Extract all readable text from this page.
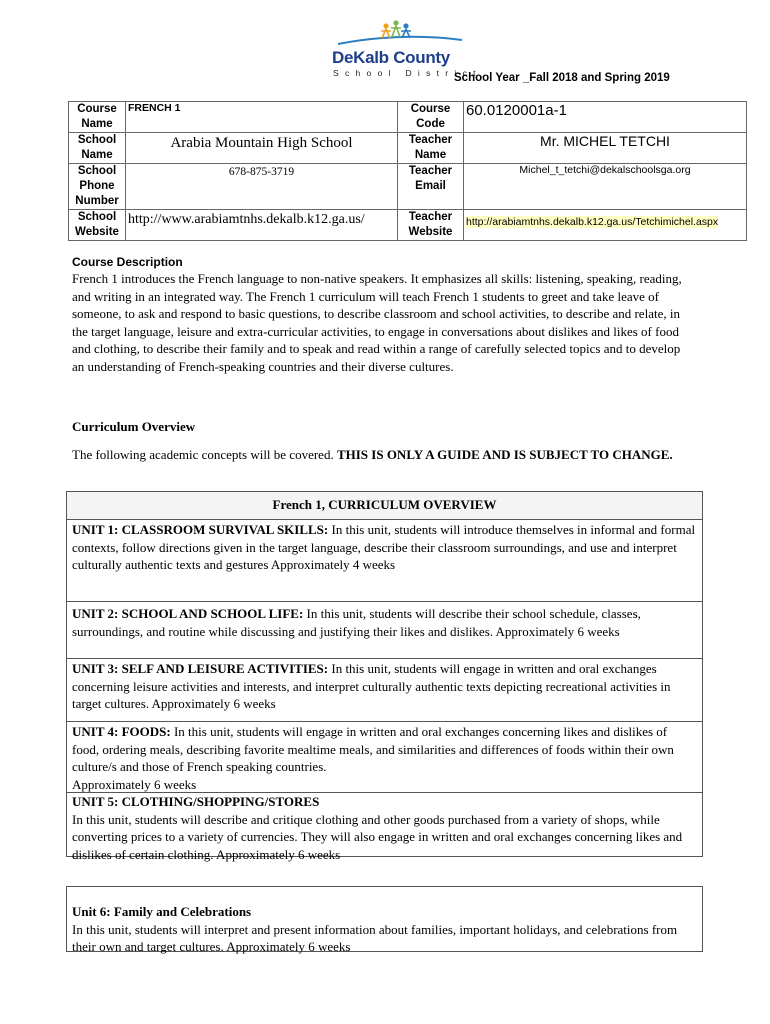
DeKalb County
School District
School Year _Fall 2018 and Spring 2019
Course Name	FRENCH 1	Course Code	60.0120001a-1
School Name	Arabia Mountain High School	Teacher Name	Mr. MICHEL TETCHI
School Phone Number	678-875-3719	Teacher Email	Michel_t_tetchi@dekalschoolsga.org
School Website	http://www.arabiamtnhs.dekalb.k12.ga.us/	Teacher Website	http://arabiamtnhs.dekalb.k12.ga.us/Tetchimichel.aspx
Course Description
French 1 introduces the French language to non-native speakers. It emphasizes all skills: listening, speaking, reading, and writing in an integrated way. The French 1 curriculum will teach French 1 students to greet and take leave of someone, to ask and respond to basic questions, to describe classroom and school activities, to describe and relate, in the target language, leisure and extra-curricular activities, to engage in conversations about dislikes and likes of food and clothing, to describe their family and to speak and read within a range of carefully selected topics and to develop an understanding of French-speaking countries and their diverse cultures.
Curriculum Overview
The following academic concepts will be covered. THIS IS ONLY A GUIDE AND IS SUBJECT TO CHANGE.
French 1, CURRICULUM OVERVIEW
UNIT 1: CLASSROOM SURVIVAL SKILLS: In this unit, students will introduce themselves in informal and formal contexts, follow directions given in the target language, describe their classroom surroundings, and use and interpret culturally authentic texts and gestures Approximately 4 weeks
UNIT 2: SCHOOL AND SCHOOL LIFE: In this unit, students will describe their school schedule, classes, surroundings, and routine while discussing and justifying their likes and dislikes. Approximately 6 weeks
UNIT 3: SELF AND LEISURE ACTIVITIES: In this unit, students will engage in written and oral exchanges concerning leisure activities and interests, and interpret culturally authentic texts depicting recreational activities in target cultures. Approximately 6 weeks
UNIT 4: FOODS: In this unit, students will engage in written and oral exchanges concerning likes and dislikes of food, ordering meals, describing favorite mealtime meals, and similarities and differences of foods within their own culture/s and those of French speaking countries.
Approximately 6 weeks
UNIT 5: CLOTHING/SHOPPING/STORES
In this unit, students will describe and critique clothing and other goods purchased from a variety of shops, while converting prices to a variety of currencies. They will also engage in written and oral exchanges concerning likes and dislikes of certain clothing. Approximately 6 weeks
Unit 6: Family and Celebrations
In this unit, students will interpret and present information about families, important holidays, and celebrations from their own and target cultures. Approximately 6 weeks
